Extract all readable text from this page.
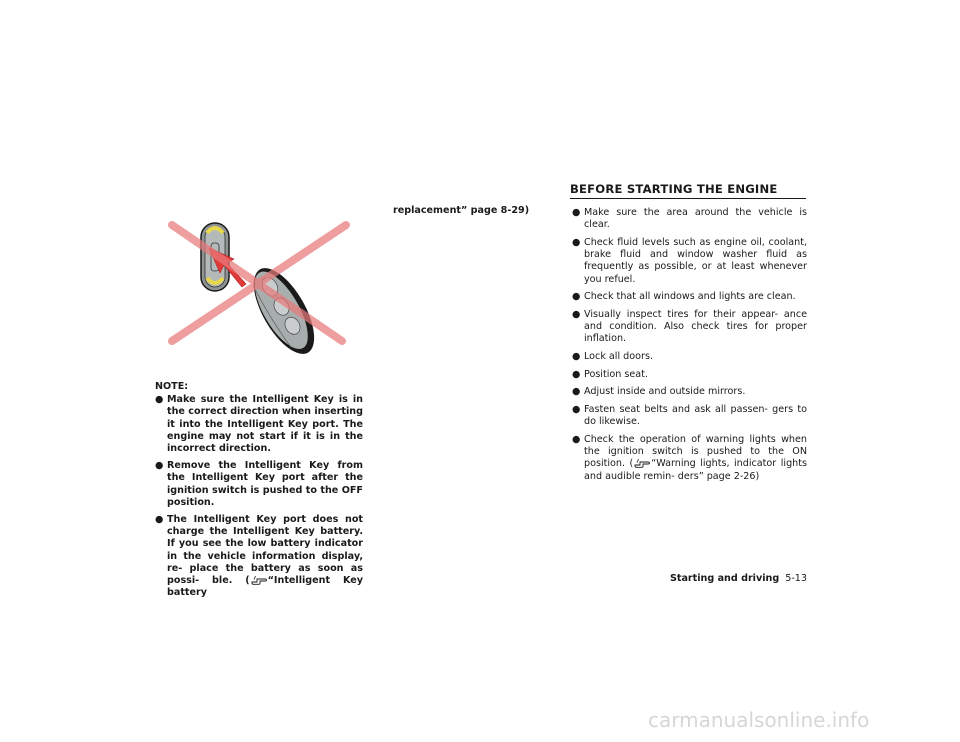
NOTE:
● Make sure the Intelligent Key is in the correct direction when inserting it into the Intelligent Key port. The engine may not start if it is in the incorrect direction.
● Remove the Intelligent Key from the Intelligent Key port after the ignition switch is pushed to the OFF position.
● The Intelligent Key port does not charge the Intelligent Key battery. If you see the low battery indicator in the vehicle information display, re- place the battery as soon as possi- ble. ( “Intelligent Key battery
replacement” page 8-29)
BEFORE STARTING THE ENGINE
● Make sure the area around the vehicle is clear.
● Check fluid levels such as engine oil, coolant, brake fluid and window washer fluid as frequently as possible, or at least whenever you refuel.
● Check that all windows and lights are clean.
● Visually inspect tires for their appear- ance and condition. Also check tires for proper inflation.
● Lock all doors.
● Position seat.
● Adjust inside and outside mirrors.
● Fasten seat belts and ask all passen- gers to do likewise.
● Check the operation of warning lights when the ignition switch is pushed to the ON position. ( “Warning lights, indicator lights and audible remin- ders” page 2-26)
Starting and driving 5-13
carmanualsonline.info
